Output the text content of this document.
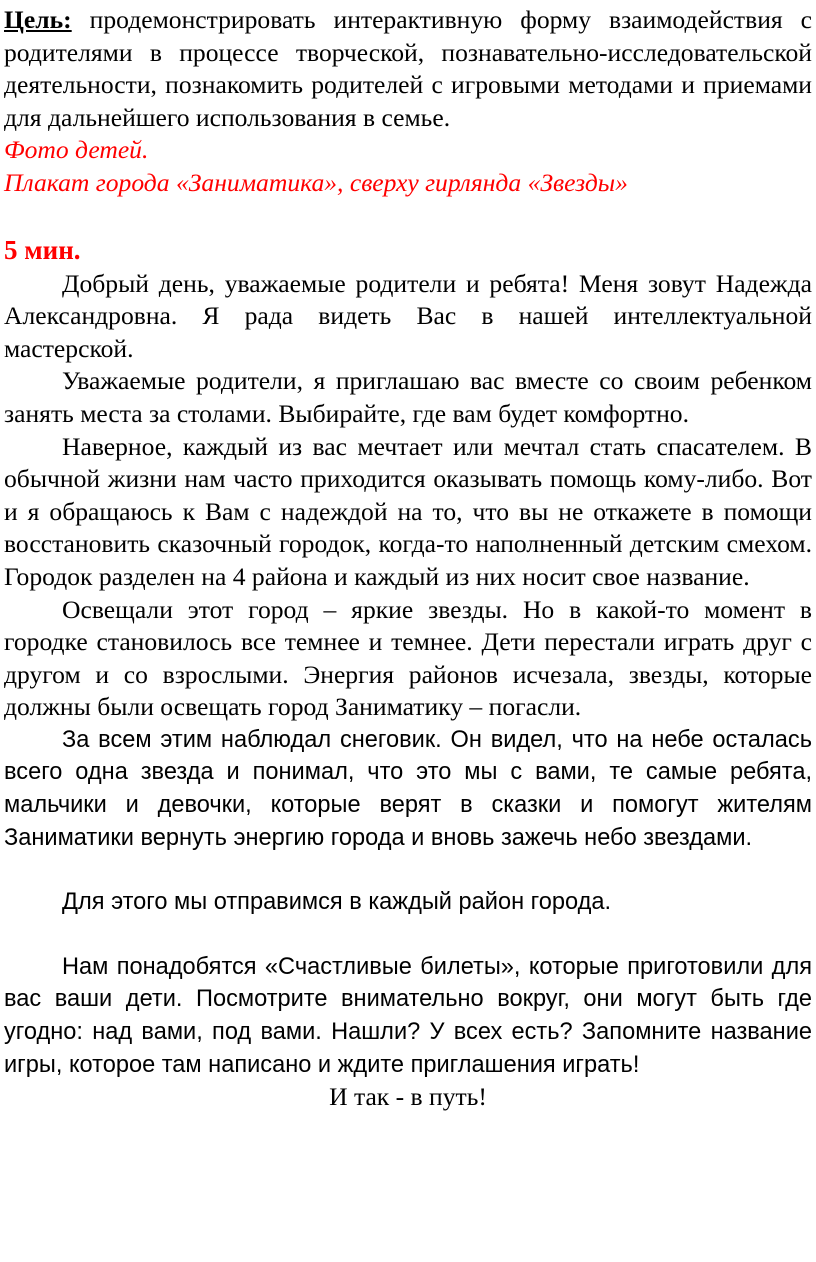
Цель: продемонстрировать интерактивную форму взаимодействия с родителями в процессе творческой, познавательно-исследовательской деятельности, познакомить родителей с игровыми методами и приемами для дальнейшего использования в семье.

Фото детей.

Плакат города «Заниматика», сверху гирлянда «Звезды»

5 мин.

Добрый день, уважаемые родители и ребята! Меня зовут Надежда Александровна. Я рада видеть Вас в нашей интеллектуальной мастерской.

Уважаемые родители, я приглашаю вас вместе со своим ребенком занять места за столами. Выбирайте, где вам будет комфортно.

Наверное, каждый из вас мечтает или мечтал стать спасателем. В обычной жизни нам часто приходится оказывать помощь кому-либо. Вот и я обращаюсь к Вам с надеждой на то, что вы не откажете в помощи восстановить сказочный городок, когда-то наполненный детским смехом. Городок разделен на 4 района и каждый из них носит свое название.

Освещали этот город – яркие звезды. Но в какой-то момент в городке становилось все темнее и темнее. Дети перестали играть друг с другом и со взрослыми. Энергия районов исчезала, звезды, которые должны были освещать город Заниматику – погасли.

За всем этим наблюдал снеговик. Он видел, что на небе осталась всего одна звезда и понимал, что это мы с вами, те самые ребята, мальчики и девочки, которые верят в сказки и помогут жителям Заниматики вернуть энергию города и вновь зажечь небо звездами.

Для этого мы отправимся в каждый район города.

Нам понадобятся «Счастливые билеты», которые приготовили для вас ваши дети. Посмотрите внимательно вокруг, они могут быть где угодно: над вами, под вами. Нашли? У всех есть? Запомните название игры, которое там написано и ждите приглашения играть!

И так - в путь!
